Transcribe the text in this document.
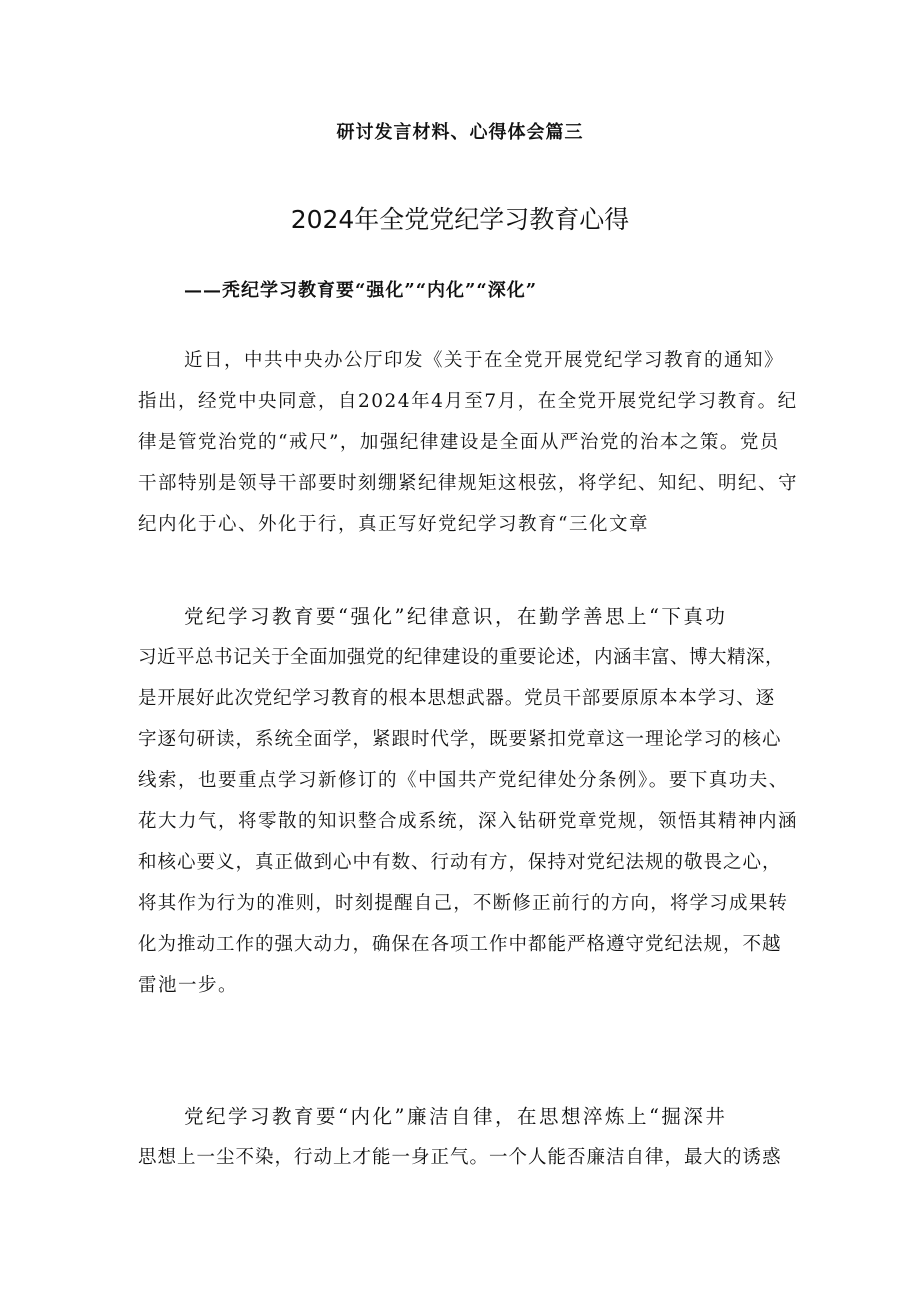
研讨发言材料、心得体会篇三
2024年全党党纪学习教育心得
——秃纪学习教育要“强化”“内化”“深化”
近日，中共中央办公厅印发《关于在全党开展党纪学习教育的通知》
指出，经党中央同意，自2024年4月至7月，在全党开展党纪学习教育。纪
律是管党治党的“戒尺”，加强纪律建设是全面从严治党的治本之策。党员
干部特别是领导干部要时刻绷紧纪律规矩这根弦，将学纪、知纪、明纪、守
纪内化于心、外化于行，真正写好党纪学习教育“三化文章
党纪学习教育要“强化”纪律意识，在勤学善思上“下真功
习近平总书记关于全面加强党的纪律建设的重要论述，内涵丰富、博大精深，
是开展好此次党纪学习教育的根本思想武器。党员干部要原原本本学习、逐
字逐句研读，系统全面学，紧跟时代学，既要紧扣党章这一理论学习的核心
线索，也要重点学习新修订的《中国共产党纪律处分条例》。要下真功夫、
花大力气，将零散的知识整合成系统，深入钻研党章党规，领悟其精神内涵
和核心要义，真正做到心中有数、行动有方，保持对党纪法规的敬畏之心，
将其作为行为的准则，时刻提醒自己，不断修正前行的方向，将学习成果转
化为推动工作的强大动力，确保在各项工作中都能严格遵守党纪法规，不越
雷池一步。
党纪学习教育要“内化”廉洁自律，在思想淬炼上“掘深井
思想上一尘不染，行动上才能一身正气。一个人能否廉洁自律，最大的诱惑
